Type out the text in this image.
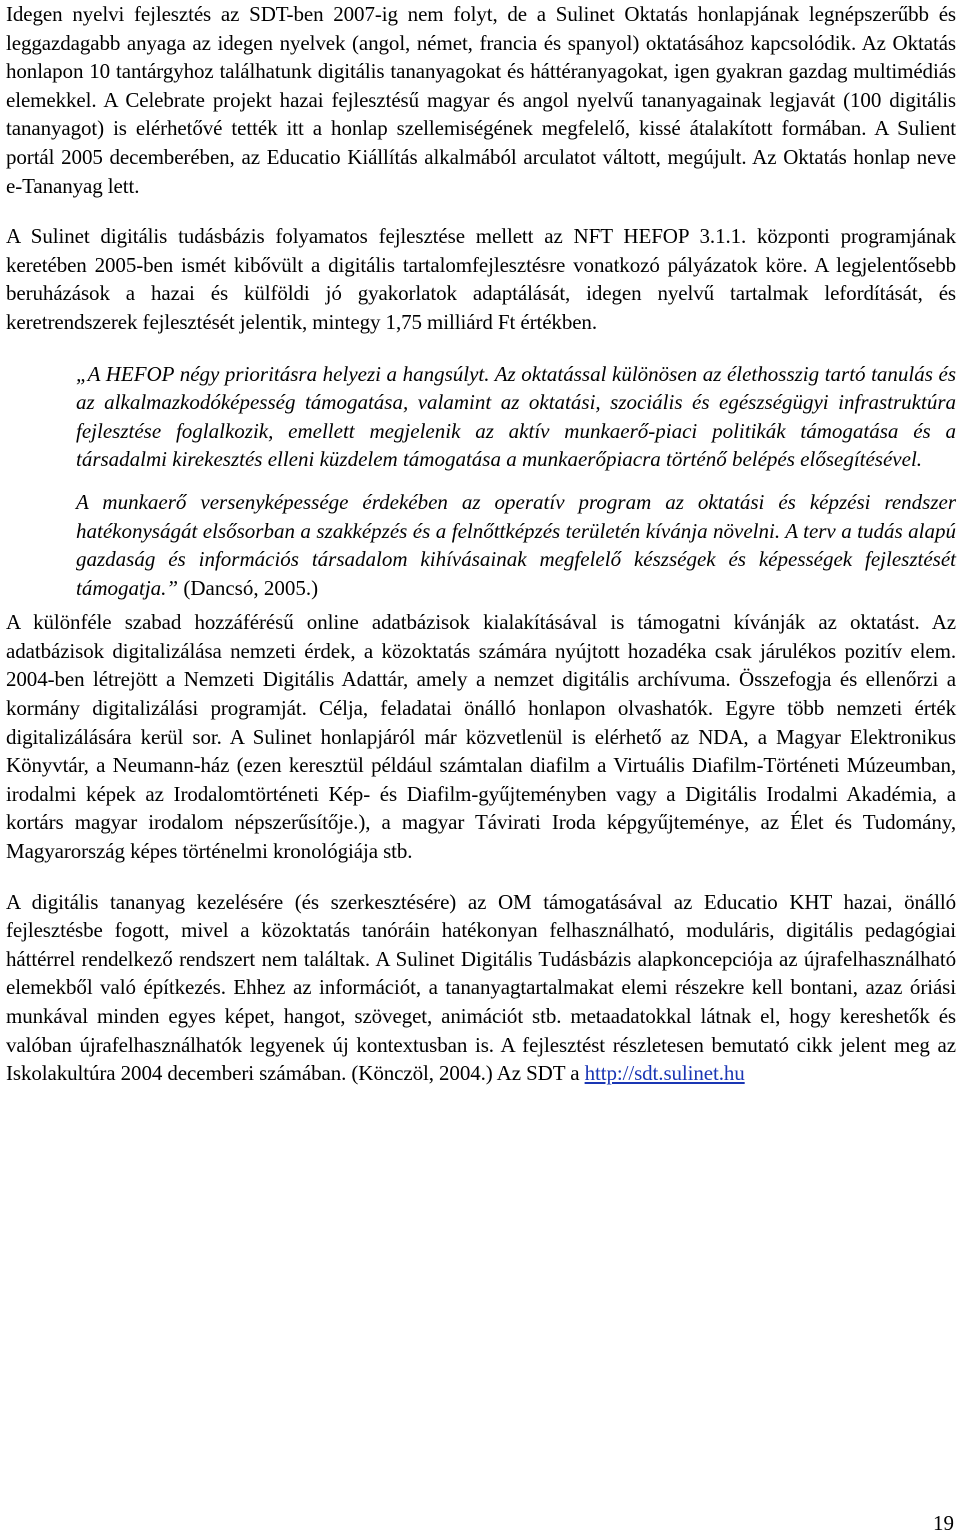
Idegen nyelvi fejlesztés az SDT-ben 2007-ig nem folyt, de a Sulinet Oktatás honlapjának legnépszerűbb és leggazdagabb anyaga az idegen nyelvek (angol, német, francia és spanyol) oktatásához kapcsolódik. Az Oktatás honlapon 10 tantárgyhoz találhatunk digitális tananyagokat és háttéranyagokat, igen gyakran gazdag multimédiás elemekkel. A Celebrate projekt hazai fejlesztésű magyar és angol nyelvű tananyagainak legjavát (100 digitális tananyagot) is elérhetővé tették itt a honlap szellemiségének megfelelő, kissé átalakított formában. A Sulient portál 2005 decemberében, az Educatio Kiállítás alkalmából arculatot váltott, megújult. Az Oktatás honlap neve e-Tananyag lett.

A Sulinet digitális tudásbázis folyamatos fejlesztése mellett az NFT HEFOP 3.1.1. központi programjának keretében 2005-ben ismét kibővült a digitális tartalomfejlesztésre vonatkozó pályázatok köre. A legjelentősebb beruházások a hazai és külföldi jó gyakorlatok adaptálását, idegen nyelvű tartalmak lefordítását, és keretrendszerek fejlesztését jelentik, mintegy 1,75 milliárd Ft értékben.

„A HEFOP négy prioritásra helyezi a hangsúlyt. Az oktatással különösen az élethosszig tartó tanulás és az alkalmazkodóképesség támogatása, valamint az oktatási, szociális és egészségügyi infrastruktúra fejlesztése foglalkozik, emellett megjelenik az aktív munkaerő-piaci politikák támogatása és a társadalmi kirekesztés elleni küzdelem támogatása a munkaerőpiacra történő belépés elősegítésével.

A munkaerő versenyképessége érdekében az operatív program az oktatási és képzési rendszer hatékonyságát elsősorban a szakképzés és a felnőttképzés területén kívánja növelni. A terv a tudás alapú gazdaság és információs társadalom kihívásainak megfelelő készségek és képességek fejlesztését támogatja.” (Dancsó, 2005.)

A különféle szabad hozzáférésű online adatbázisok kialakításával is támogatni kívánják az oktatást. Az adatbázisok digitalizálása nemzeti érdek, a közoktatás számára nyújtott hozadéka csak járulékos pozitív elem. 2004-ben létrejött a Nemzeti Digitális Adattár, amely a nemzet digitális archívuma. Összefogja és ellenőrzi a kormány digitalizálási programját. Célja, feladatai önálló honlapon olvashatók. Egyre több nemzeti érték digitalizálására kerül sor. A Sulinet honlapjáról már közvetlenül is elérhető az NDA, a Magyar Elektronikus Könyvtár, a Neumann-ház (ezen keresztül például számtalan diafilm a Virtuális Diafilm-Történeti Múzeumban, irodalmi képek az Irodalomtörténeti Kép- és Diafilm-gyűjteményben vagy a Digitális Irodalmi Akadémia, a kortárs magyar irodalom népszerűsítője.), a magyar Távirati Iroda képgyűjteménye, az Élet és Tudomány, Magyarország képes történelmi kronológiája stb.

A digitális tananyag kezelésére (és szerkesztésére) az OM támogatásával az Educatio KHT hazai, önálló fejlesztésbe fogott, mivel a közoktatás tanóráin hatékonyan felhasználható, moduláris, digitális pedagógiai háttérrel rendelkező rendszert nem találtak. A Sulinet Digitális Tudásbázis alapkoncepciója az újrafelhasználható elemekből való építkezés. Ehhez az információt, a tananyagtartalmakat elemi részekre kell bontani, azaz óriási munkával minden egyes képet, hangot, szöveget, animációt stb. metaadatokkal látnak el, hogy kereshetők és valóban újrafelhasználhatók legyenek új kontextusban is. A fejlesztést részletesen bemutató cikk jelent meg az Iskolakultúra 2004 decemberi számában. (Könczöl, 2004.) Az SDT a http://sdt.sulinet.hu

19
